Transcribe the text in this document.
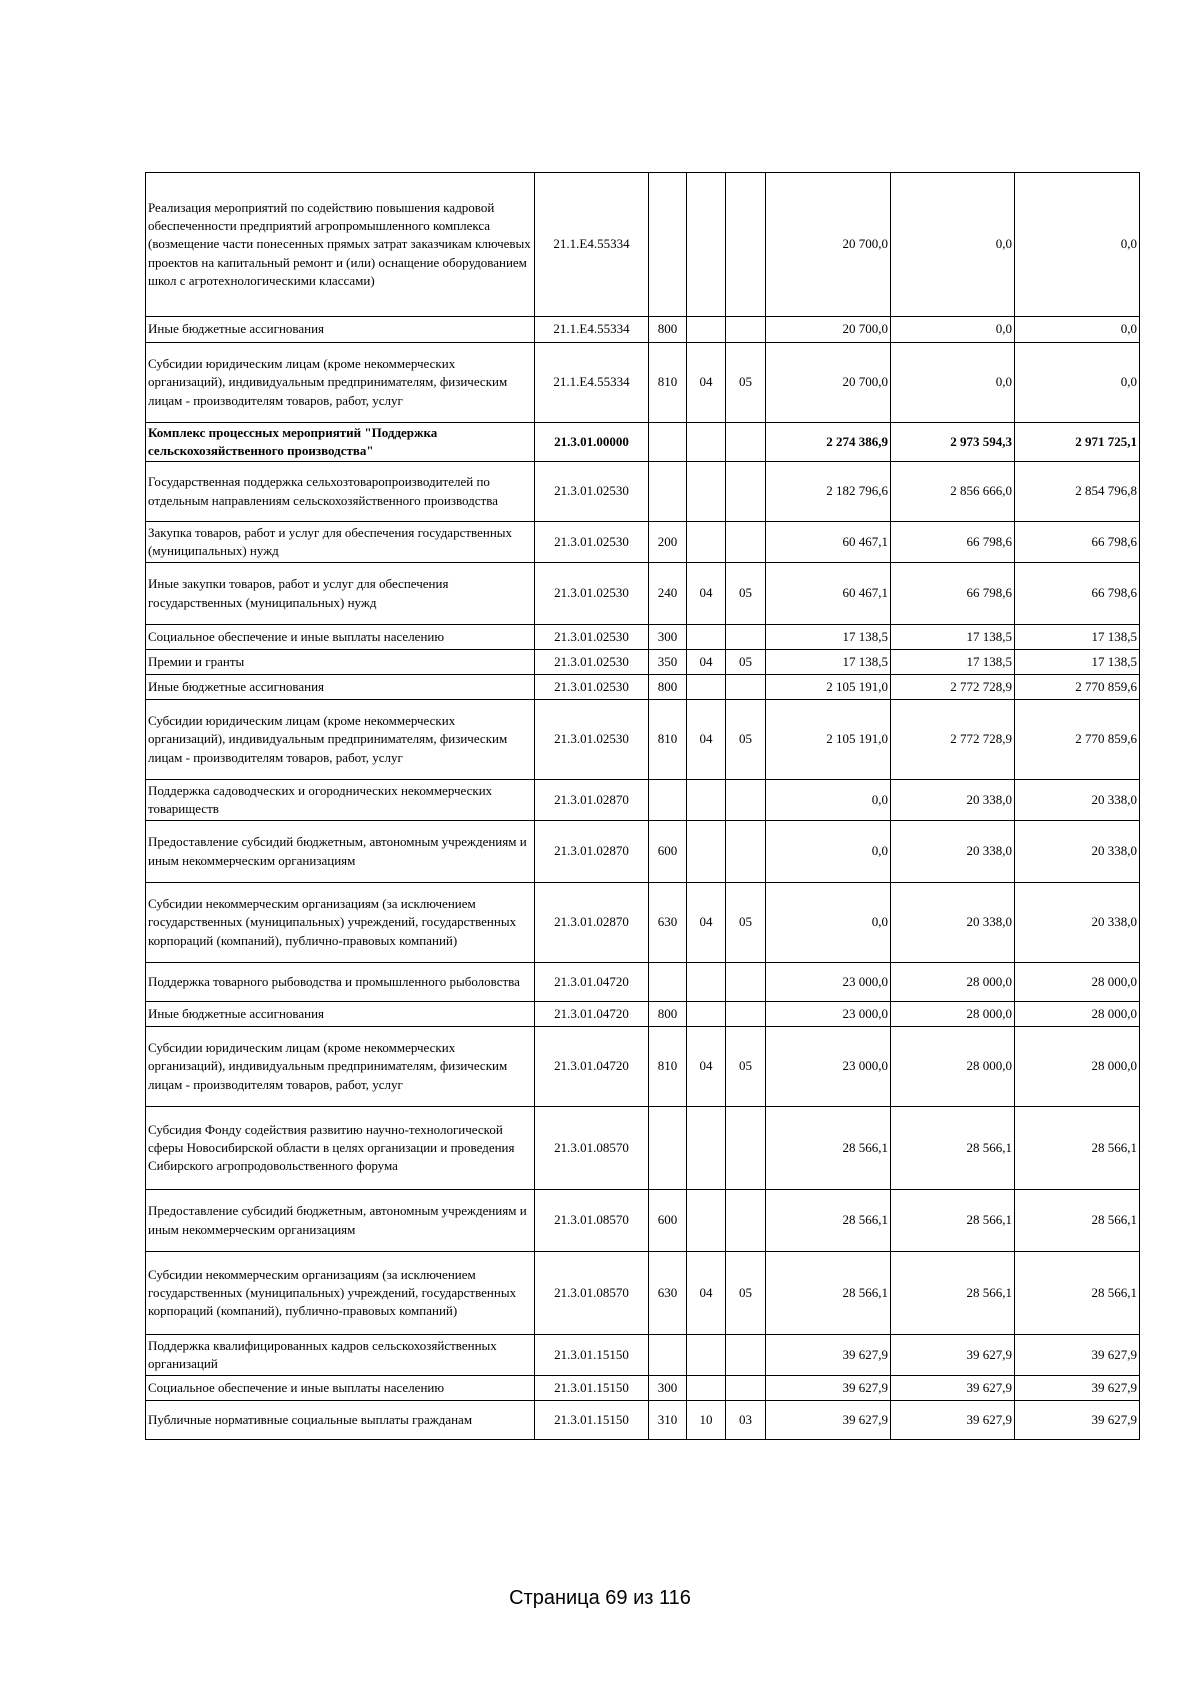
Реализация мероприятий по содействию повышения кадровой обеспеченности предприятий агропромышленного комплекса (возмещение части понесенных прямых затрат заказчикам ключевых проектов на капитальный ремонт и (или) оснащение оборудованием школ с агротехнологическими классами)	21.1.Е4.55334				20 700,0	0,0	0,0
Иные бюджетные ассигнования	21.1.Е4.55334	800			20 700,0	0,0	0,0
Субсидии юридическим лицам (кроме некоммерческих организаций), индивидуальным предпринимателям, физическим лицам - производителям товаров, работ, услуг	21.1.Е4.55334	810	04	05	20 700,0	0,0	0,0
Комплекс процессных мероприятий "Поддержка сельскохозяйственного производства"	21.3.01.00000				2 274 386,9	2 973 594,3	2 971 725,1
Государственная поддержка сельхозтоваропроизводителей по отдельным направлениям сельскохозяйственного производства	21.3.01.02530				2 182 796,6	2 856 666,0	2 854 796,8
Закупка товаров, работ и услуг для обеспечения государственных (муниципальных) нужд	21.3.01.02530	200			60 467,1	66 798,6	66 798,6
Иные закупки товаров, работ и услуг для обеспечения государственных (муниципальных) нужд	21.3.01.02530	240	04	05	60 467,1	66 798,6	66 798,6
Социальное обеспечение и иные выплаты населению	21.3.01.02530	300			17 138,5	17 138,5	17 138,5
Премии и гранты	21.3.01.02530	350	04	05	17 138,5	17 138,5	17 138,5
Иные бюджетные ассигнования	21.3.01.02530	800			2 105 191,0	2 772 728,9	2 770 859,6
Субсидии юридическим лицам (кроме некоммерческих организаций), индивидуальным предпринимателям, физическим лицам - производителям товаров, работ, услуг	21.3.01.02530	810	04	05	2 105 191,0	2 772 728,9	2 770 859,6
Поддержка садоводческих и огороднических некоммерческих товариществ	21.3.01.02870				0,0	20 338,0	20 338,0
Предоставление субсидий бюджетным, автономным учреждениям и иным некоммерческим организациям	21.3.01.02870	600			0,0	20 338,0	20 338,0
Субсидии некоммерческим организациям (за исключением государственных (муниципальных) учреждений, государственных корпораций (компаний), публично-правовых компаний)	21.3.01.02870	630	04	05	0,0	20 338,0	20 338,0
Поддержка товарного рыбоводства и промышленного рыболовства	21.3.01.04720				23 000,0	28 000,0	28 000,0
Иные бюджетные ассигнования	21.3.01.04720	800			23 000,0	28 000,0	28 000,0
Субсидии юридическим лицам (кроме некоммерческих организаций), индивидуальным предпринимателям, физическим лицам - производителям товаров, работ, услуг	21.3.01.04720	810	04	05	23 000,0	28 000,0	28 000,0
Субсидия Фонду содействия развитию научно-технологической сферы Новосибирской области в целях организации и проведения Сибирского агропродовольственного форума	21.3.01.08570				28 566,1	28 566,1	28 566,1
Предоставление субсидий бюджетным, автономным учреждениям и иным некоммерческим организациям	21.3.01.08570	600			28 566,1	28 566,1	28 566,1
Субсидии некоммерческим организациям (за исключением государственных (муниципальных) учреждений, государственных корпораций (компаний), публично-правовых компаний)	21.3.01.08570	630	04	05	28 566,1	28 566,1	28 566,1
Поддержка квалифицированных кадров сельскохозяйственных организаций	21.3.01.15150				39 627,9	39 627,9	39 627,9
Социальное обеспечение и иные выплаты населению	21.3.01.15150	300			39 627,9	39 627,9	39 627,9
Публичные нормативные социальные выплаты гражданам	21.3.01.15150	310	10	03	39 627,9	39 627,9	39 627,9
Страница 69 из 116
